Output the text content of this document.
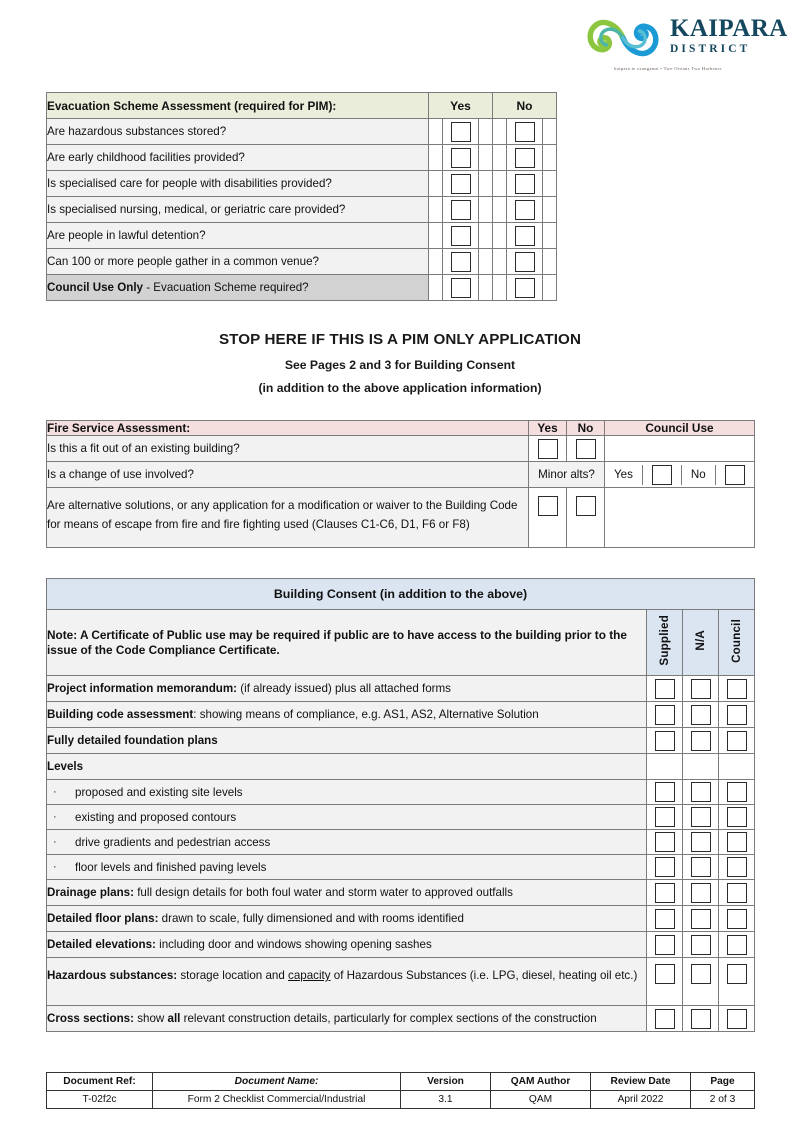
KAIPARA
DISTRICT
kaipara te oranganui • Two Oceans Two Harbours
Evacuation Scheme Assessment (required for PIM):	Yes			No		
Are hazardous substances stored?		

Are early childhood facilities provided?		

Is specialised care for people with disabilities provided?		

Is specialised nursing, medical, or geriatric care provided?		

Are people in lawful detention?		

Can 100 or more people gather in a common venue?		

Council Use Only - Evacuation Scheme required?		

STOP HERE IF THIS IS A PIM ONLY APPLICATION
See Pages 2 and 3 for Building Consent
(in addition to the above application information)
Fire Service Assessment:	Yes	No	Council Use
Is this a fit out of an existing building?	

Is a change of use involved?	Minor alts?		Yes No

Are alternative solutions, or any application for a modification or waiver to the Building Code for means of escape from fire and fire fighting used (Clauses C1-C6, D1, F6 or F8)	

Building Consent (in addition to the above)			
Note: A Certificate of Public use may be required if public are to have access to the building prior to the issue of the Code Compliance Certificate.	Supplied	N/A	Council
Project information memorandum: (if already issued) plus all attached forms	

Building code assessment: showing means of compliance, e.g. AS1, AS2, Alternative Solution	

Fully detailed foundation plans	

Levels			

· proposed and existing site levels			

· existing and proposed contours			

· drive gradients and pedestrian access			

· floor levels and finished paving levels			

Drainage plans: full design details for both foul water and storm water to approved outfalls	

Detailed floor plans: drawn to scale, fully dimensioned and with rooms identified	

Detailed elevations: including door and windows showing opening sashes	

Hazardous substances: storage location and capacity of Hazardous Substances (i.e. LPG, diesel, heating oil etc.)	

Cross sections: show all relevant construction details, particularly for complex sections of the construction	

Document Ref:	Document Name:	Version	QAM Author	Review Date	Page
T-02f2c	Form 2 Checklist Commercial/Industrial	3.1	QAM	April 2022	2 of 3
